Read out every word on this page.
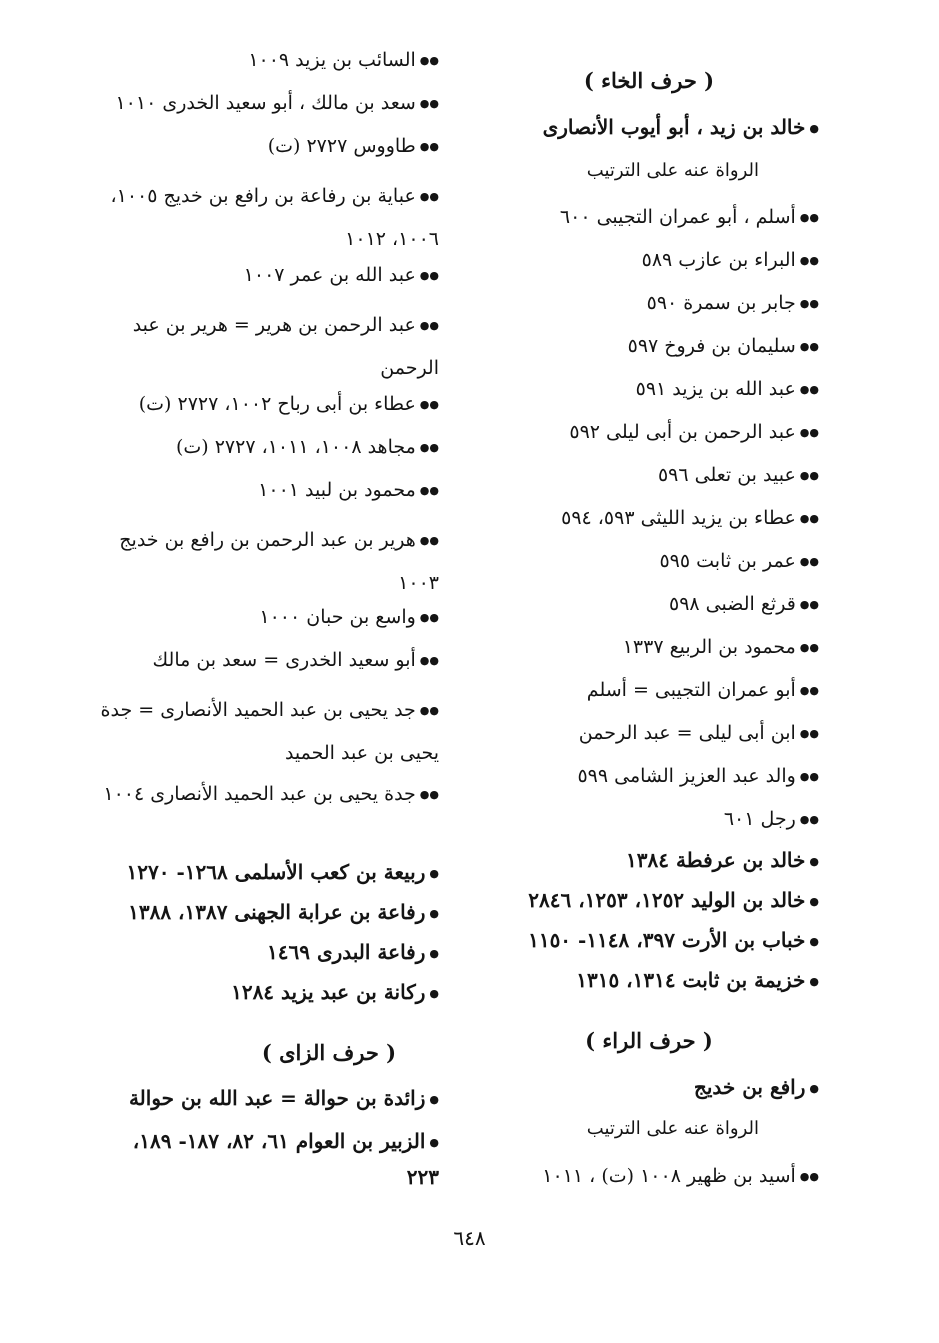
( حرف الخاء )
●خالد بن زيد ، أبو أيوب الأنصارى
الرواة عنه على الترتيب
●●أسلم ، أبو عمران التجيبى ٦٠٠
●●البراء بن عازب ٥٨٩
●●جابر بن سمرة ٥٩٠
●●سليمان بن فروخ ٥٩٧
●●عبد الله بن يزيد ٥٩١
●●عبد الرحمن بن أبى ليلى ٥٩٢
●●عبيد بن تعلى ٥٩٦
●●عطاء بن يزيد الليثى ٥٩٣، ٥٩٤
●●عمر بن ثابت ٥٩٥
●●قرثع الضبى ٥٩٨
●●محمود بن الربيع ١٣٣٧
●●أبو عمران التجيبى = أسلم
●●ابن أبى ليلى = عبد الرحمن
●●والد عبد العزيز الشامى ٥٩٩
●●رجل ٦٠١
●خالد بن عرفطة ١٣٨٤
●خالد بن الوليد ١٢٥٢، ١٢٥٣، ٢٨٤٦
●خباب بن الأرت ٣٩٧، ١١٤٨- ١١٥٠
●خزيمة بن ثابت ١٣١٤، ١٣١٥
( حرف الراء )
●رافع بن خديج
الرواة عنه على الترتيب
●●أسيد بن ظهير ١٠٠٨ (ت) ، ١٠١١
●●السائب بن يزيد ١٠٠٩
●●سعد بن مالك ، أبو سعيد الخدرى ١٠١٠
●●طاووس ٢٧٢٧ (ت)
●●عباية بن رفاعة بن رافع بن خديج ١٠٠٥، ١٠٠٦، ١٠١٢
●●عبد الله بن عمر ١٠٠٧
●●عبد الرحمن بن هرير = هرير بن عبد الرحمن
●●عطاء بن أبى رباح ١٠٠٢، ٢٧٢٧ (ت)
●●مجاهد ١٠٠٨، ١٠١١، ٢٧٢٧ (ت)
●●محمود بن لبيد ١٠٠١
●●هرير بن عبد الرحمن بن رافع بن خديج ١٠٠٣
●●واسع بن حبان ١٠٠٠
●●أبو سعيد الخدرى = سعد بن مالك
●●جد يحيى بن عبد الحميد الأنصارى = جدة يحيى بن عبد الحميد
●●جدة يحيى بن عبد الحميد الأنصارى ١٠٠٤
●ربيعة بن كعب الأسلمى ١٢٦٨- ١٢٧٠
●رفاعة بن عرابة الجهنى ١٣٨٧، ١٣٨٨
●رفاعة البدرى ١٤٦٩
●ركانة بن عبد يزيد ١٢٨٤
( حرف الزاى )
●زائدة بن حوالة = عبد الله بن حوالة
●الزبير بن العوام ٦١، ٨٢، ١٨٧- ١٨٩، ٢٢٣
٦٤٨
